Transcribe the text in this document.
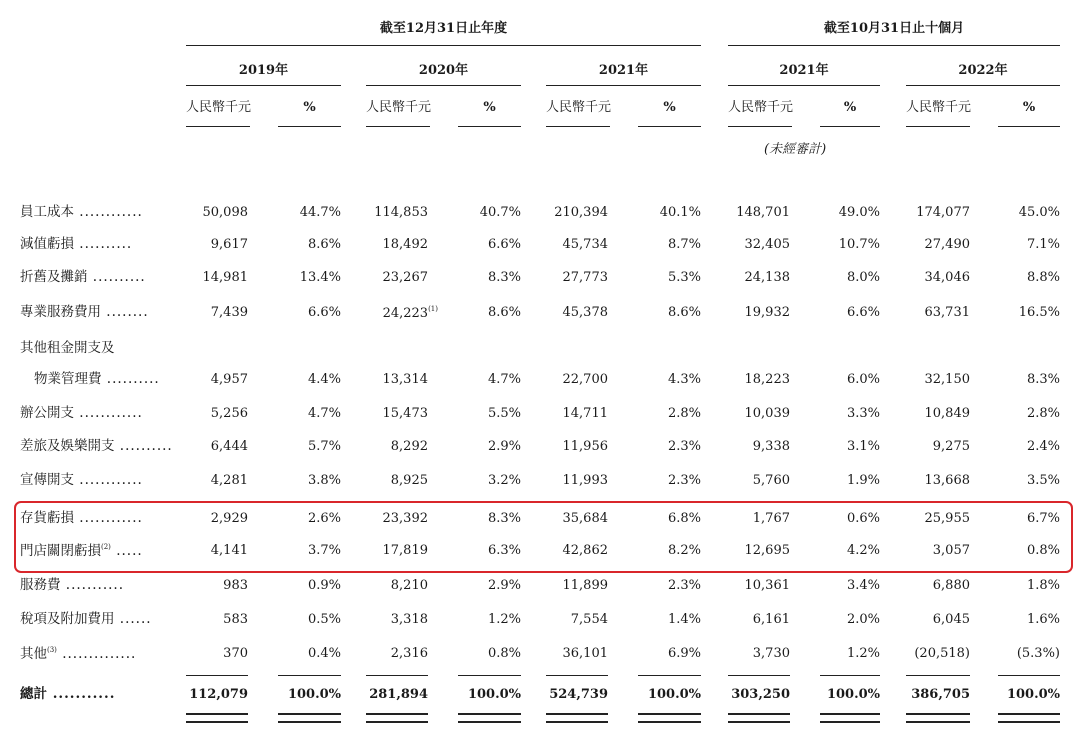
截至12月31日止年度	截至10月31日止十個月
2019年	2020年	2021年	2021年	2022年
人民幣千元	%	人民幣千元	%	人民幣千元	%	人民幣千元	%	人民幣千元	%
(未經審計)
員工成本 ............	50,098	44.7%	114,853	40.7%	210,394	40.1%	148,701	49.0%	174,077	45.0%
減值虧損 ..........	9,617	8.6%	18,492	6.6%	45,734	8.7%	32,405	10.7%	27,490	7.1%
折舊及攤銷 ..........	14,981	13.4%	23,267	8.3%	27,773	5.3%	24,138	8.0%	34,046	8.8%
專業服務費用 ........	7,439	6.6%	24,223$^{(1)}$	8.6%	45,378	8.6%	19,932	6.6%	63,731	16.5%
其他租金開支及
物業管理費 ..........	4,957	4.4%	13,314	4.7%	22,700	4.3%	18,223	6.0%	32,150	8.3%
辦公開支 ............	5,256	4.7%	15,473	5.5%	14,711	2.8%	10,039	3.3%	10,849	2.8%
差旅及娛樂開支 ..........	6,444	5.7%	8,292	2.9%	11,956	2.3%	9,338	3.1%	9,275	2.4%
宣傳開支 ............	4,281	3.8%	8,925	3.2%	11,993	2.3%	5,760	1.9%	13,668	3.5%
存貨虧損 ............	2,929	2.6%	23,392	8.3%	35,684	6.8%	1,767	0.6%	25,955	6.7%
門店關閉虧損$^{(2)}$ .....	4,141	3.7%	17,819	6.3%	42,862	8.2%	12,695	4.2%	3,057	0.8%
服務費 ...........	983	0.9%	8,210	2.9%	11,899	2.3%	10,361	3.4%	6,880	1.8%
稅項及附加費用 ......	583	0.5%	3,318	1.2%	7,554	1.4%	6,161	2.0%	6,045	1.6%
其他$^{(3)}$ ..............	370	0.4%	2,316	0.8%	36,101	6.9%	3,730	1.2%	(20,518)	(5.3%)
總計 ...........	112,079	100.0%	281,894	100.0%	524,739	100.0%	303,250	100.0%	386,705	100.0%
